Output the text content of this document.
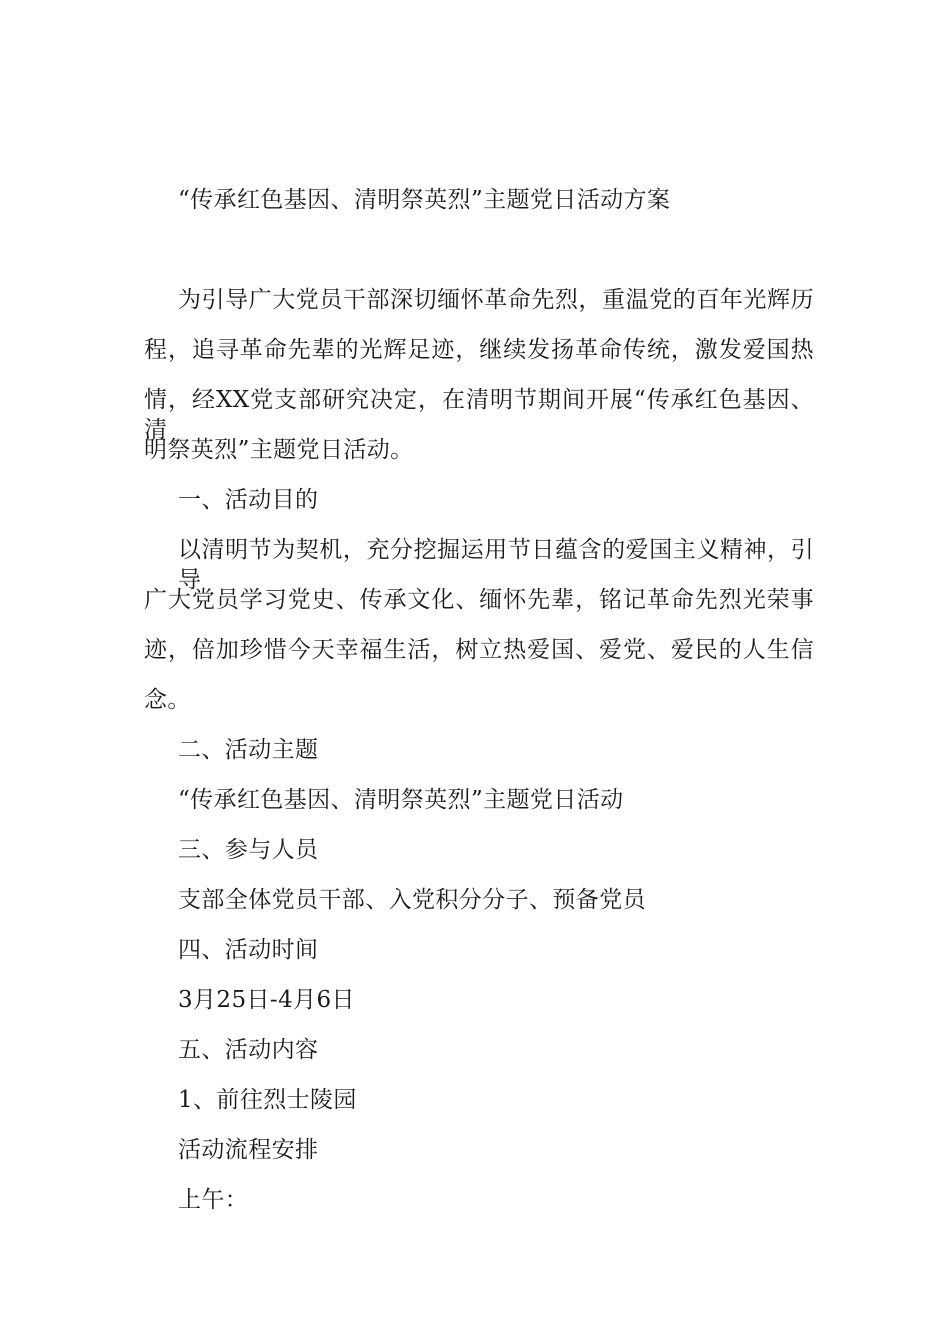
“传承红色基因、清明祭英烈”主题党日活动方案
为引导广大党员干部深切缅怀革命先烈，重温党的百年光辉历
程，追寻革命先辈的光辉足迹，继续发扬革命传统，激发爱国热
情，经XX党支部研究决定，在清明节期间开展“传承红色基因、清
明祭英烈”主题党日活动。
一、活动目的
以清明节为契机，充分挖掘运用节日蕴含的爱国主义精神，引导
广大党员学习党史、传承文化、缅怀先辈，铭记革命先烈光荣事
迹，倍加珍惜今天幸福生活，树立热爱国、爱党、爱民的人生信
念。
二、活动主题
“传承红色基因、清明祭英烈”主题党日活动
三、参与人员
支部全体党员干部、入党积分分子、预备党员
四、活动时间
3月25日-4月6日
五、活动内容
1、前往烈士陵园
活动流程安排
上午：
